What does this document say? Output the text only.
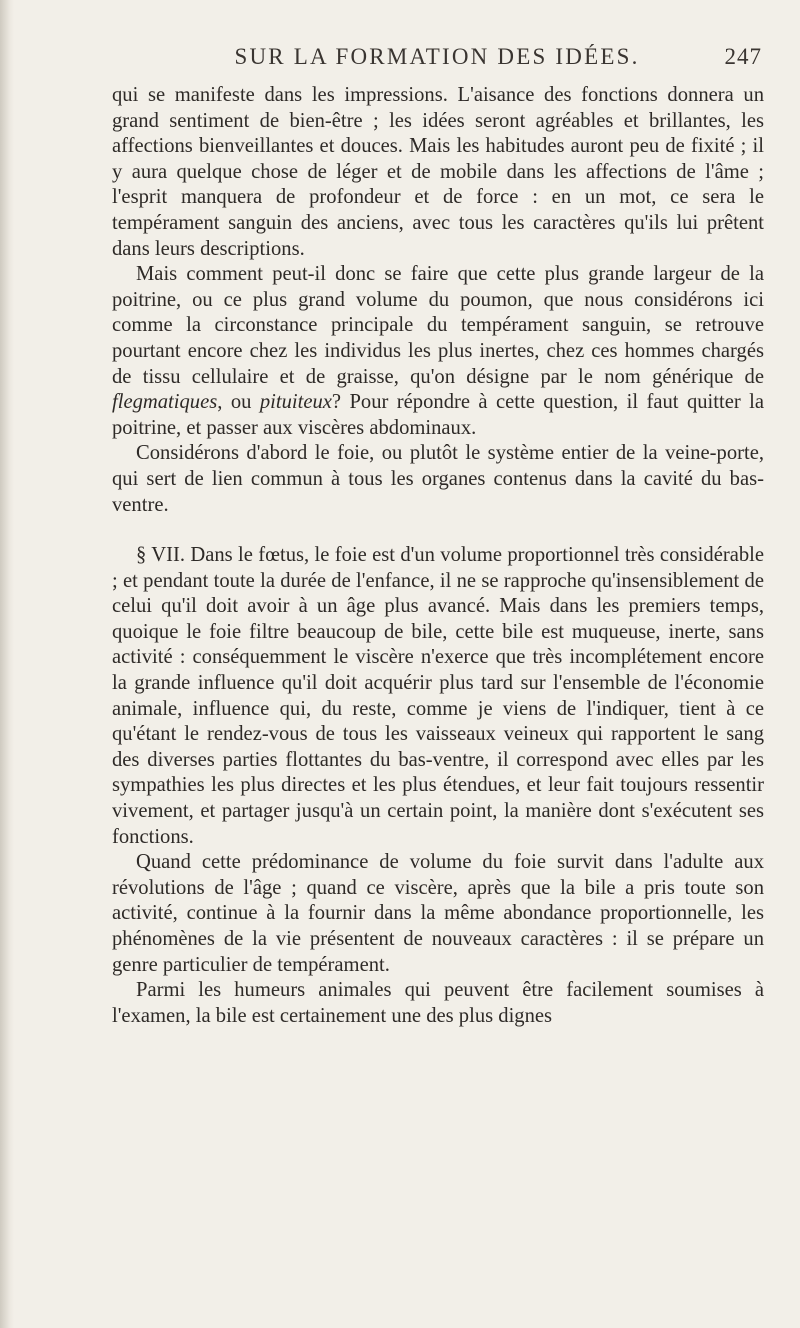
SUR LA FORMATION DES IDÉES.	247

qui se manifeste dans les impressions. L'aisance des fonctions donnera un grand sentiment de bien-être ; les idées seront agréables et brillantes, les affections bienveillantes et douces. Mais les habitudes auront peu de fixité ; il y aura quelque chose de léger et de mobile dans les affections de l'âme ; l'esprit manquera de profondeur et de force : en un mot, ce sera le tempérament sanguin des anciens, avec tous les caractères qu'ils lui prêtent dans leurs descriptions.

Mais comment peut-il donc se faire que cette plus grande largeur de la poitrine, ou ce plus grand volume du poumon, que nous considérons ici comme la circonstance principale du tempérament sanguin, se retrouve pourtant encore chez les individus les plus inertes, chez ces hommes chargés de tissu cellulaire et de graisse, qu'on désigne par le nom générique de flegmatiques, ou pituiteux? Pour répondre à cette question, il faut quitter la poitrine, et passer aux viscères abdominaux.

Considérons d'abord le foie, ou plutôt le système entier de la veine-porte, qui sert de lien commun à tous les organes contenus dans la cavité du bas-ventre.

§ VII. Dans le fœtus, le foie est d'un volume proportionnel très considérable ; et pendant toute la durée de l'enfance, il ne se rapproche qu'insensiblement de celui qu'il doit avoir à un âge plus avancé. Mais dans les premiers temps, quoique le foie filtre beaucoup de bile, cette bile est muqueuse, inerte, sans activité : conséquemment le viscère n'exerce que très incomplétement encore la grande influence qu'il doit acquérir plus tard sur l'ensemble de l'économie animale, influence qui, du reste, comme je viens de l'indiquer, tient à ce qu'étant le rendez-vous de tous les vaisseaux veineux qui rapportent le sang des diverses parties flottantes du bas-ventre, il correspond avec elles par les sympathies les plus directes et les plus étendues, et leur fait toujours ressentir vivement, et partager jusqu'à un certain point, la manière dont s'exécutent ses fonctions.

Quand cette prédominance de volume du foie survit dans l'adulte aux révolutions de l'âge ; quand ce viscère, après que la bile a pris toute son activité, continue à la fournir dans la même abondance proportionnelle, les phénomènes de la vie présentent de nouveaux caractères : il se prépare un genre particulier de tempérament.

Parmi les humeurs animales qui peuvent être facilement soumises à l'examen, la bile est certainement une des plus dignes
